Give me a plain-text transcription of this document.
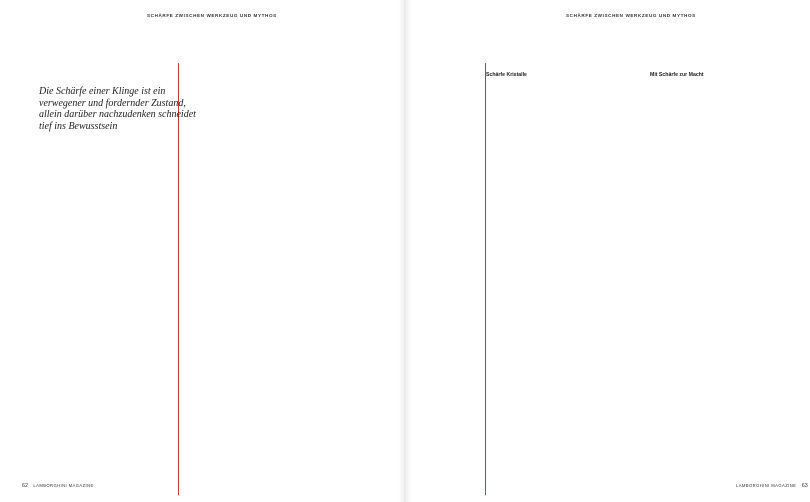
SCHÄRFE ZWISCHEN WERKZEUG UND MYTHOS	SCHÄRFE ZWISCHEN WERKZEUG UND MYTHOS
Die Schärfe einer Klinge ist ein verwegener und fordernder Zustand, allein darüber nachzudenken schneidet tief ins Bewusstsein

Schärfe Kristalle	Mit Schärfe zur Macht

62 LAMBORGHINI MAGAZINE	LAMBORGHINI MAGAZINE 63
